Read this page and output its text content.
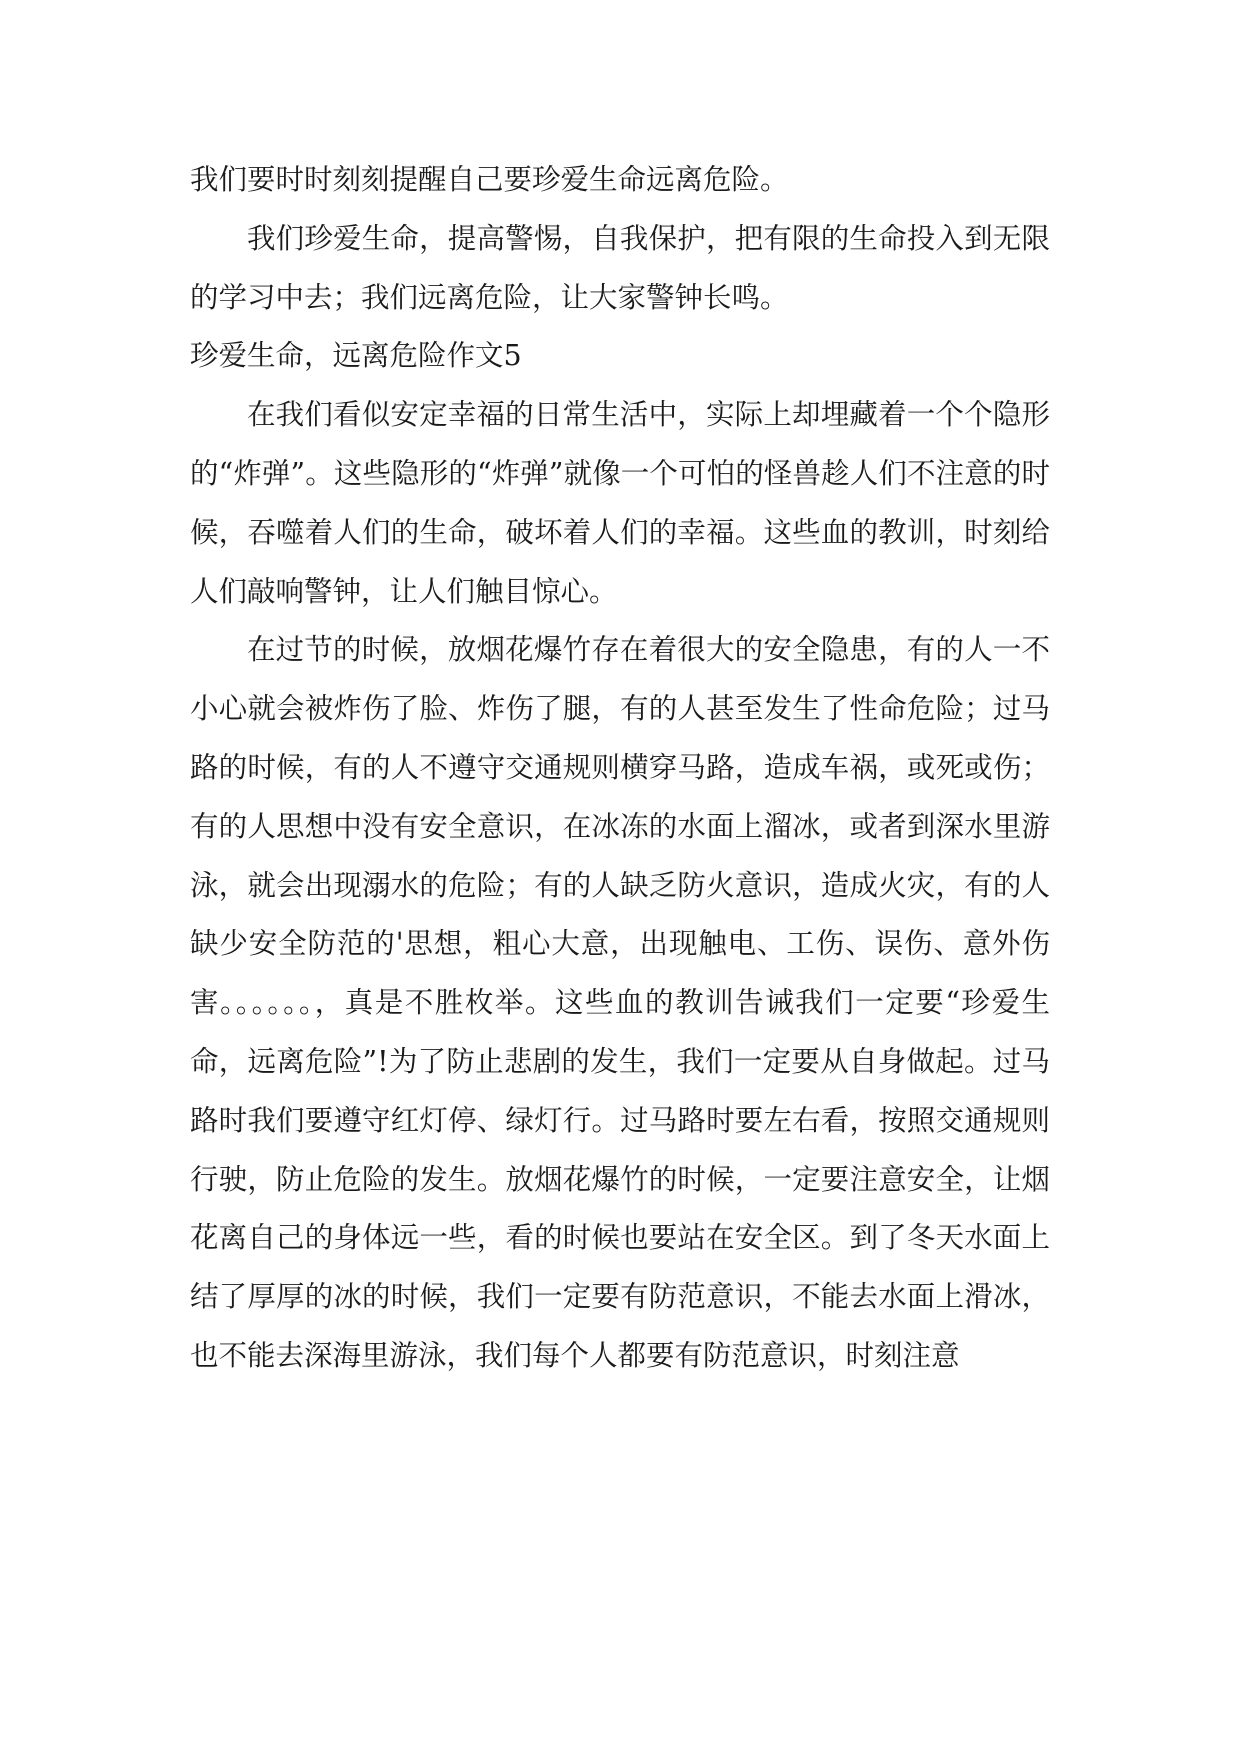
我们要时时刻刻提醒自己要珍爱生命远离危险。

我们珍爱生命，提高警惕，自我保护，把有限的生命投入到无限的学习中去；我们远离危险，让大家警钟长鸣。

珍爱生命，远离危险作文5

在我们看似安定幸福的日常生活中，实际上却埋藏着一个个隐形的“炸弹”。这些隐形的“炸弹”就像一个可怕的怪兽趁人们不注意的时候，吞噬着人们的生命，破坏着人们的幸福。这些血的教训，时刻给人们敲响警钟，让人们触目惊心。

在过节的时候，放烟花爆竹存在着很大的安全隐患，有的人一不小心就会被炸伤了脸、炸伤了腿，有的人甚至发生了性命危险；过马路的时候，有的人不遵守交通规则横穿马路，造成车祸，或死或伤；有的人思想中没有安全意识，在冰冻的水面上溜冰，或者到深水里游泳，就会出现溺水的危险；有的人缺乏防火意识，造成火灾，有的人缺少安全防范的'思想，粗心大意，出现触电、工伤、误伤、意外伤害。。。。。。，真是不胜枚举。这些血的教训告诫我们一定要“珍爱生命，远离危险”!为了防止悲剧的发生，我们一定要从自身做起。过马路时我们要遵守红灯停、绿灯行。过马路时要左右看，按照交通规则行驶，防止危险的发生。放烟花爆竹的时候，一定要注意安全，让烟花离自己的身体远一些，看的时候也要站在安全区。到了冬天水面上结了厚厚的冰的时候，我们一定要有防范意识，不能去水面上滑冰，也不能去深海里游泳，我们每个人都要有防范意识，时刻注意
